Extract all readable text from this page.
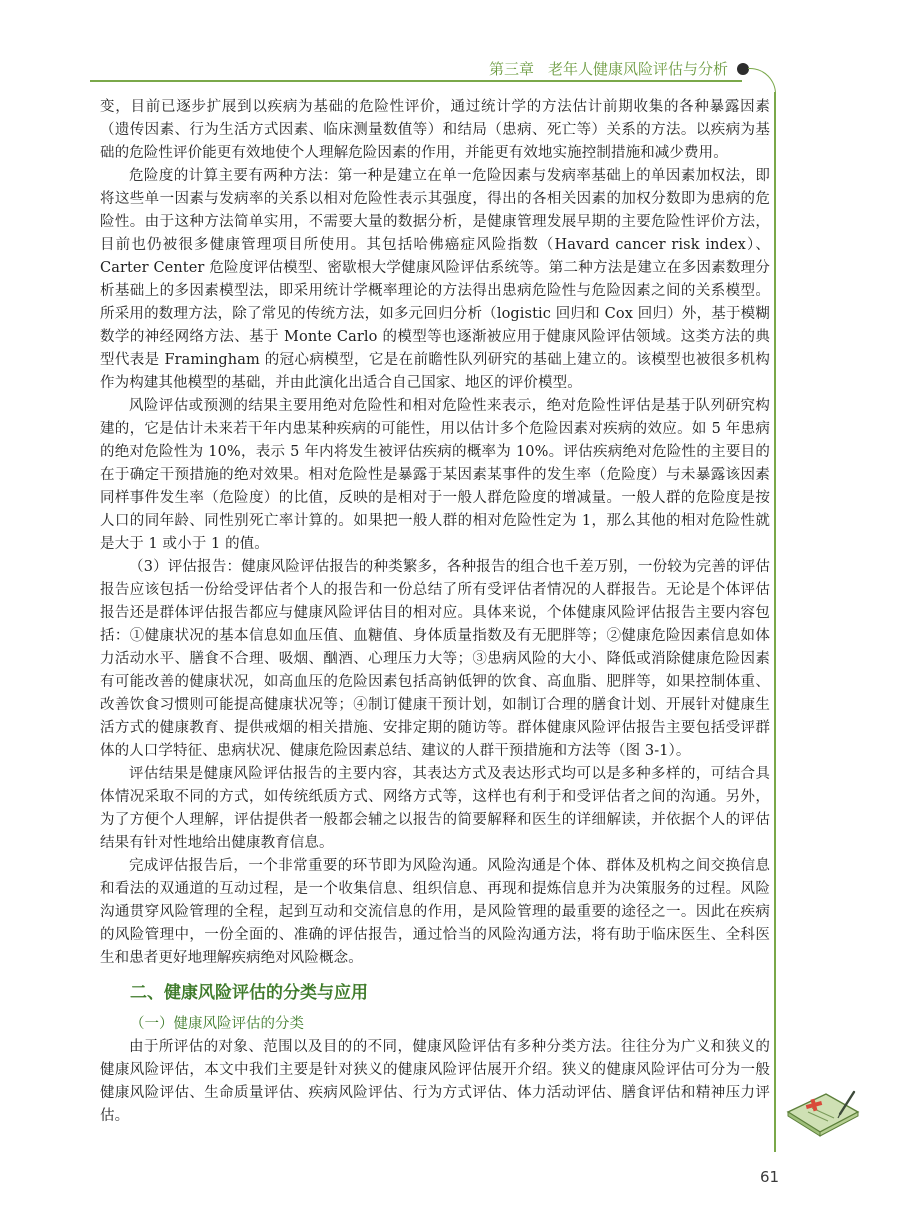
第三章 老年人健康风险评估与分析

变，目前已逐步扩展到以疾病为基础的危险性评价，通过统计学的方法估计前期收集的各种暴露因素（遗传因素、行为生活方式因素、临床测量数值等）和结局（患病、死亡等）关系的方法。以疾病为基础的危险性评价能更有效地使个人理解危险因素的作用，并能更有效地实施控制措施和减少费用。

危险度的计算主要有两种方法：第一种是建立在单一危险因素与发病率基础上的单因素加权法，即将这些单一因素与发病率的关系以相对危险性表示其强度，得出的各相关因素的加权分数即为患病的危险性。由于这种方法简单实用，不需要大量的数据分析，是健康管理发展早期的主要危险性评价方法，目前也仍被很多健康管理项目所使用。其包括哈佛癌症风险指数（Havard cancer risk index）、Carter Center 危险度评估模型、密歇根大学健康风险评估系统等。第二种方法是建立在多因素数理分析基础上的多因素模型法，即采用统计学概率理论的方法得出患病危险性与危险因素之间的关系模型。所采用的数理方法，除了常见的传统方法，如多元回归分析（logistic 回归和 Cox 回归）外，基于模糊数学的神经网络方法、基于 Monte Carlo 的模型等也逐渐被应用于健康风险评估领域。这类方法的典型代表是 Framingham 的冠心病模型，它是在前瞻性队列研究的基础上建立的。该模型也被很多机构作为构建其他模型的基础，并由此演化出适合自己国家、地区的评价模型。

风险评估或预测的结果主要用绝对危险性和相对危险性来表示，绝对危险性评估是基于队列研究构建的，它是估计未来若干年内患某种疾病的可能性，用以估计多个危险因素对疾病的效应。如 5 年患病的绝对危险性为 10%，表示 5 年内将发生被评估疾病的概率为 10%。评估疾病绝对危险性的主要目的在于确定干预措施的绝对效果。相对危险性是暴露于某因素某事件的发生率（危险度）与未暴露该因素同样事件发生率（危险度）的比值，反映的是相对于一般人群危险度的增减量。一般人群的危险度是按人口的同年龄、同性别死亡率计算的。如果把一般人群的相对危险性定为 1，那么其他的相对危险性就是大于 1 或小于 1 的值。

（3）评估报告：健康风险评估报告的种类繁多，各种报告的组合也千差万别，一份较为完善的评估报告应该包括一份给受评估者个人的报告和一份总结了所有受评估者情况的人群报告。无论是个体评估报告还是群体评估报告都应与健康风险评估目的相对应。具体来说，个体健康风险评估报告主要内容包括：①健康状况的基本信息如血压值、血糖值、身体质量指数及有无肥胖等；②健康危险因素信息如体力活动水平、膳食不合理、吸烟、酗酒、心理压力大等；③患病风险的大小、降低或消除健康危险因素有可能改善的健康状况，如高血压的危险因素包括高钠低钾的饮食、高血脂、肥胖等，如果控制体重、改善饮食习惯则可能提高健康状况等；④制订健康干预计划，如制订合理的膳食计划、开展针对健康生活方式的健康教育、提供戒烟的相关措施、安排定期的随访等。群体健康风险评估报告主要包括受评群体的人口学特征、患病状况、健康危险因素总结、建议的人群干预措施和方法等（图 3-1）。

评估结果是健康风险评估报告的主要内容，其表达方式及表达形式均可以是多种多样的，可结合具体情况采取不同的方式，如传统纸质方式、网络方式等，这样也有利于和受评估者之间的沟通。另外，为了方便个人理解，评估提供者一般都会辅之以报告的简要解释和医生的详细解读，并依据个人的评估结果有针对性地给出健康教育信息。

完成评估报告后，一个非常重要的环节即为风险沟通。风险沟通是个体、群体及机构之间交换信息和看法的双通道的互动过程，是一个收集信息、组织信息、再现和提炼信息并为决策服务的过程。风险沟通贯穿风险管理的全程，起到互动和交流信息的作用，是风险管理的最重要的途径之一。因此在疾病的风险管理中，一份全面的、准确的评估报告，通过恰当的风险沟通方法，将有助于临床医生、全科医生和患者更好地理解疾病绝对风险概念。

二、健康风险评估的分类与应用
（一）健康风险评估的分类

由于所评估的对象、范围以及目的的不同，健康风险评估有多种分类方法。往往分为广义和狭义的健康风险评估，本文中我们主要是针对狭义的健康风险评估展开介绍。狭义的健康风险评估可分为一般健康风险评估、生命质量评估、疾病风险评估、行为方式评估、体力活动评估、膳食评估和精神压力评估。

61
